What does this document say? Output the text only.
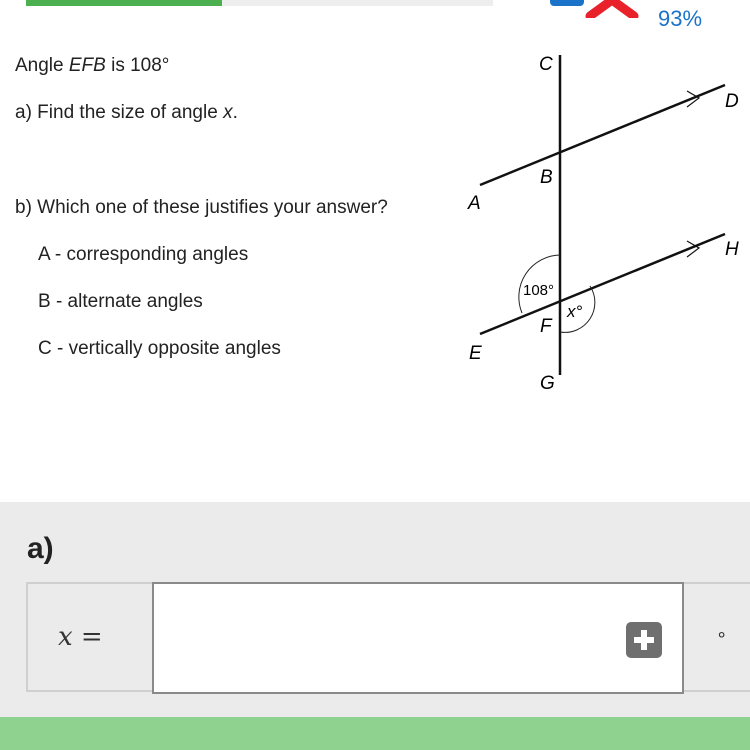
93%
Angle EFB is 108°
a) Find the size of angle x.
b) Which one of these justifies your answer?
A - corresponding angles
B - alternate angles
C - vertically opposite angles
C
D
B
A
H
F
E
G
108°
x°
a)
x =	∘
